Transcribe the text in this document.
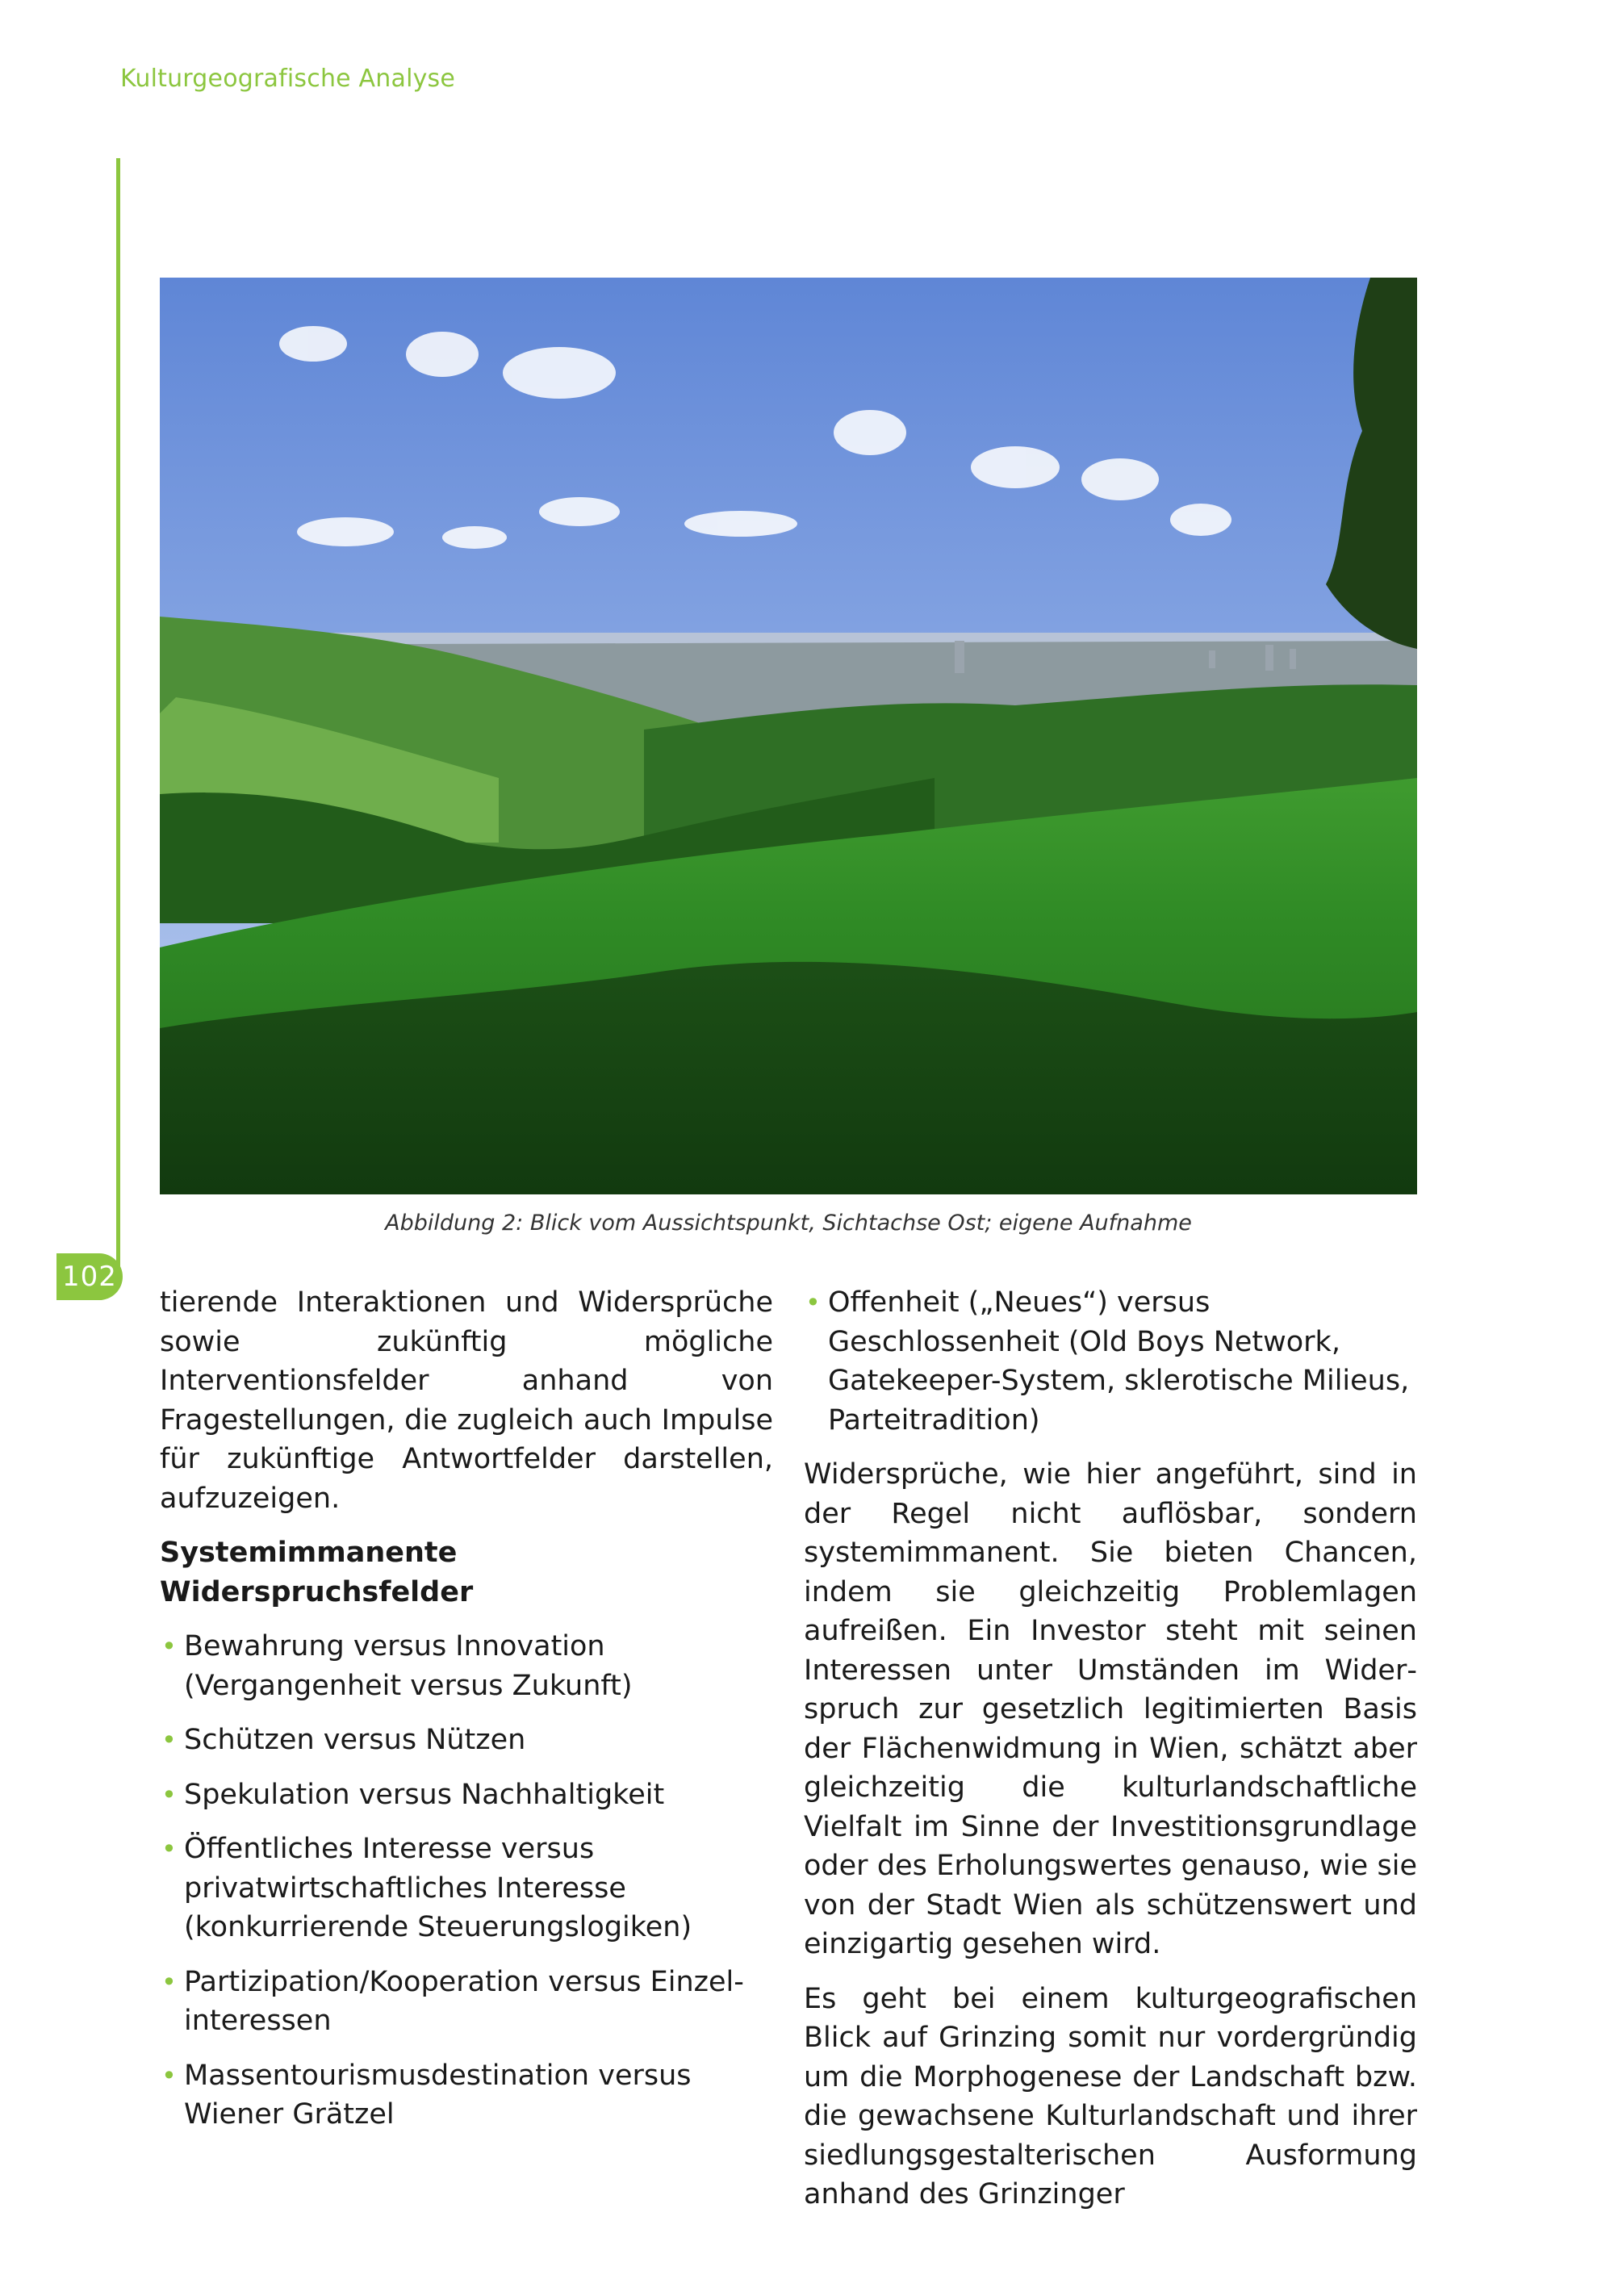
Kulturgeografische Analyse
102
Abbildung 2: Blick vom Aussichtspunkt, Sichtachse Ost; eigene Aufnahme

tierende Interaktionen und Widersprüche sowie zukünftig mögliche Interventionsfelder anhand von Fragestellungen, die zugleich auch Impulse für zukünftige Antwortfelder darstellen, aufzuzeigen.

Systemimmanente Widerspruchsfelder
• Bewahrung versus Innovation (Vergangenheit versus Zukunft)
• Schützen versus Nützen
• Spekulation versus Nachhaltigkeit
• Öffentliches Interesse versus privatwirtschaftliches Interesse (konkurrierende Steuerungslogiken)
• Partizipation/Kooperation versus Einzelinteressen
• Massentourismusdestination versus Wiener Grätzel
• Offenheit („Neues“) versus Geschlossenheit (Old Boys Network, Gatekeeper-System, sklerotische Milieus, Parteitradition)

Widersprüche, wie hier angeführt, sind in der Regel nicht auflösbar, sondern systemimmanent. Sie bieten Chancen, indem sie gleichzeitig Problemlagen aufreißen. Ein Investor steht mit seinen Interessen unter Umständen im Widerspruch zur gesetzlich legitimierten Basis der Flächenwidmung in Wien, schätzt aber gleichzeitig die kulturlandschaftliche Vielfalt im Sinne der Investitionsgrundlage oder des Erholungswertes genauso, wie sie von der Stadt Wien als schützenswert und einzigartig gesehen wird.

Es geht bei einem kulturgeografischen Blick auf Grinzing somit nur vordergründig um die Morphogenese der Landschaft bzw. die gewachsene Kulturlandschaft und ihrer siedlungsgestalterischen Ausformung anhand des Grinzinger
